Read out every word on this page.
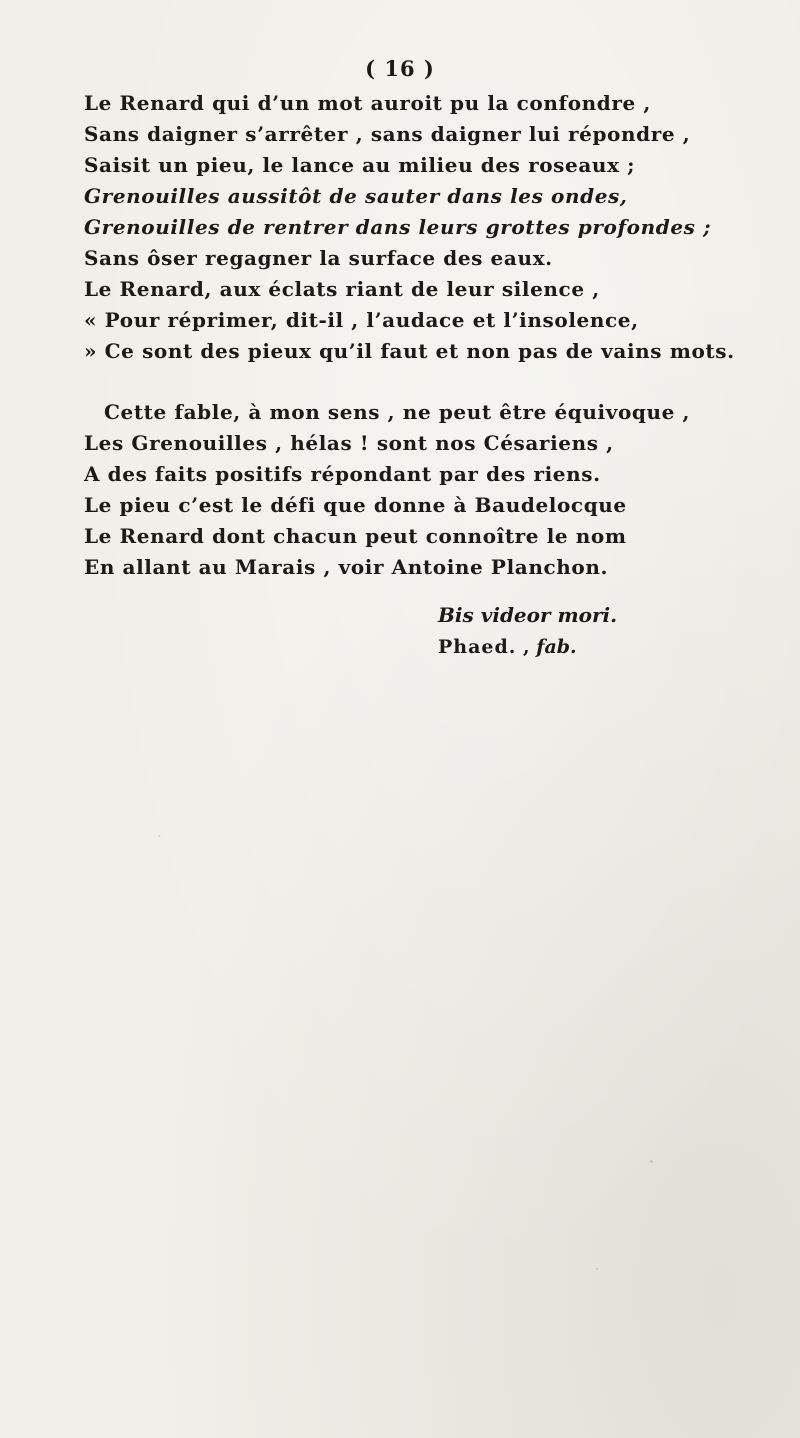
( 16 )
Le Renard qui d’un mot auroit pu la confondre ,
Sans daigner s’arrêter , sans daigner lui répondre ,
Saisit un pieu, le lance au milieu des roseaux ;
Grenouilles aussitôt de sauter dans les ondes,
Grenouilles de rentrer dans leurs grottes profondes ;
Sans ôser regagner la surface des eaux.
Le Renard, aux éclats riant de leur silence ,
« Pour réprimer, dit-il , l’audace et l’insolence,
» Ce sont des pieux qu’il faut et non pas de vains mots.
Cette fable, à mon sens , ne peut être équivoque ,
Les Grenouilles , hélas ! sont nos Césariens ,
A des faits positifs répondant par des riens.
Le pieu c’est le défi que donne à Baudelocque
Le Renard dont chacun peut connoître le nom
En allant au Marais , voir Antoine Planchon.
Bis videor mori.
Phaed. , fab.
